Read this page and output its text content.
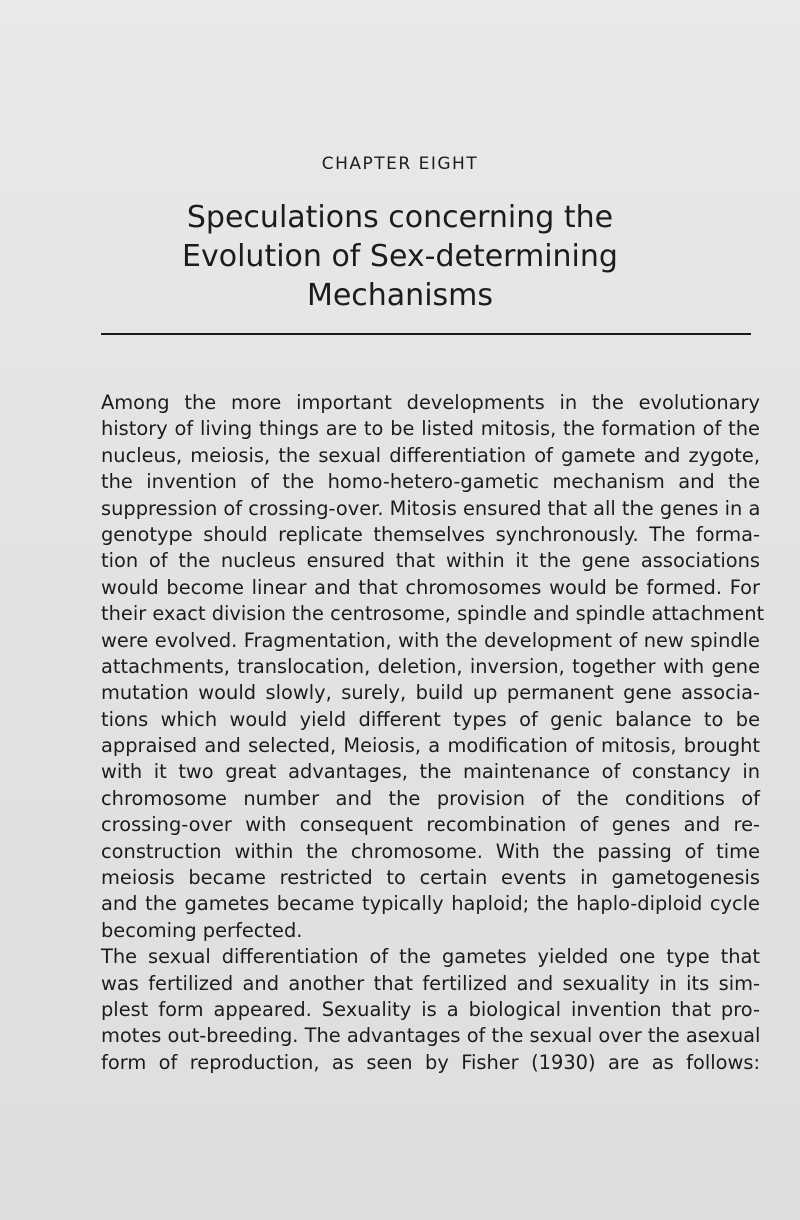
CHAPTER EIGHT
Speculations concerning the
Evolution of Sex-determining
Mechanisms
Among the more important developments in the evolutionary
history of living things are to be listed mitosis, the formation of the
nucleus, meiosis, the sexual differentiation of gamete and zygote,
the invention of the homo-hetero-gametic mechanism and the
suppression of crossing-over. Mitosis ensured that all the genes in a
genotype should replicate themselves synchronously. The forma-
tion of the nucleus ensured that within it the gene associations
would become linear and that chromosomes would be formed. For
their exact division the centrosome, spindle and spindle attachment
were evolved. Fragmentation, with the development of new spindle
attachments, translocation, deletion, inversion, together with gene
mutation would slowly, surely, build up permanent gene associa-
tions which would yield different types of genic balance to be
appraised and selected, Meiosis, a modification of mitosis, brought
with it two great advantages, the maintenance of constancy in
chromosome number and the provision of the conditions of
crossing-over with consequent recombination of genes and re-
construction within the chromosome. With the passing of time
meiosis became restricted to certain events in gametogenesis
and the gametes became typically haploid; the haplo-diploid cycle
becoming perfected.
The sexual differentiation of the gametes yielded one type that
was fertilized and another that fertilized and sexuality in its sim-
plest form appeared. Sexuality is a biological invention that pro-
motes out-breeding. The advantages of the sexual over the asexual
form of reproduction, as seen by Fisher (1930) are as follows:
